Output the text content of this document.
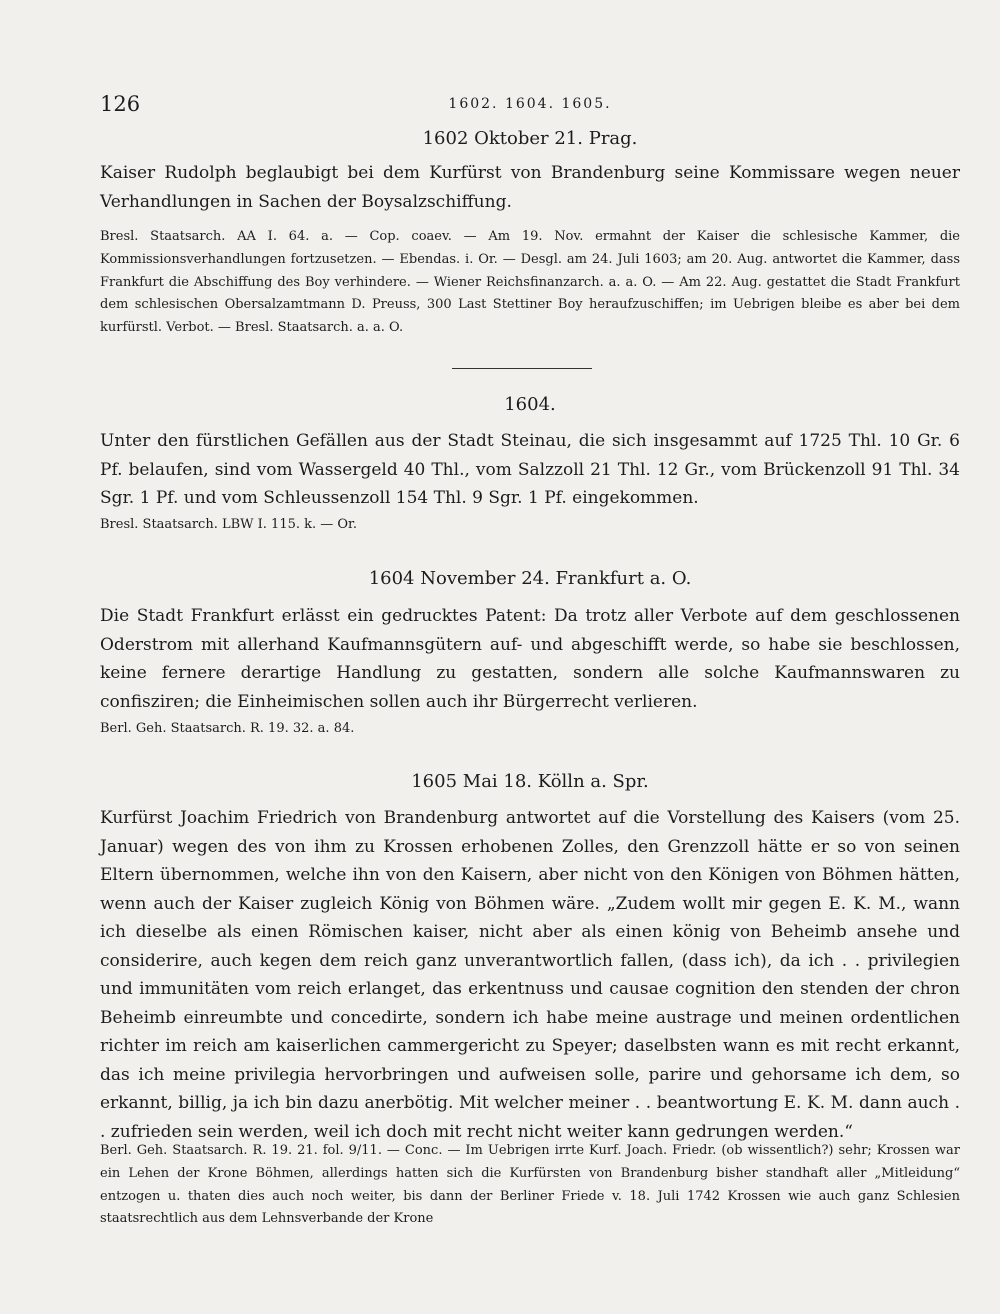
126	1602. 1604. 1605.
1602 Oktober 21. Prag.

Kaiser Rudolph beglaubigt bei dem Kurfürst von Brandenburg seine Kommissare wegen neuer Verhandlungen in Sachen der Boysalzschiffung.

Bresl. Staatsarch. AA I. 64. a. — Cop. coaev. — Am 19. Nov. ermahnt der Kaiser die schlesische Kammer, die Kommissionsverhandlungen fortzusetzen. — Ebendas. i. Or. — Desgl. am 24. Juli 1603; am 20. Aug. antwortet die Kammer, dass Frankfurt die Abschiffung des Boy verhindere. — Wiener Reichsfinanzarch. a. a. O. — Am 22. Aug. gestattet die Stadt Frankfurt dem schlesischen Obersalzamtmann D. Preuss, 300 Last Stettiner Boy heraufzuschiffen; im Uebrigen bleibe es aber bei dem kurfürstl. Verbot. — Bresl. Staatsarch. a. a. O.

1604.

Unter den fürstlichen Gefällen aus der Stadt Steinau, die sich insgesammt auf 1725 Thl. 10 Gr. 6 Pf. belaufen, sind vom Wassergeld 40 Thl., vom Salzzoll 21 Thl. 12 Gr., vom Brückenzoll 91 Thl. 34 Sgr. 1 Pf. und vom Schleussenzoll 154 Thl. 9 Sgr. 1 Pf. eingekommen.

Bresl. Staatsarch. LBW I. 115. k. — Or.

1604 November 24. Frankfurt a. O.

Die Stadt Frankfurt erlässt ein gedrucktes Patent: Da trotz aller Verbote auf dem geschlossenen Oderstrom mit allerhand Kaufmannsgütern auf- und abgeschifft werde, so habe sie beschlossen, keine fernere derartige Handlung zu gestatten, sondern alle solche Kaufmannswaren zu confisziren; die Einheimischen sollen auch ihr Bürgerrecht verlieren.

Berl. Geh. Staatsarch. R. 19. 32. a. 84.

1605 Mai 18. Kölln a. Spr.

Kurfürst Joachim Friedrich von Brandenburg antwortet auf die Vorstellung des Kaisers (vom 25. Januar) wegen des von ihm zu Krossen erhobenen Zolles, den Grenzzoll hätte er so von seinen Eltern übernommen, welche ihn von den Kaisern, aber nicht von den Königen von Böhmen hätten, wenn auch der Kaiser zugleich König von Böhmen wäre. „Zudem wollt mir gegen E. K. M., wann ich dieselbe als einen Römischen kaiser, nicht aber als einen könig von Beheimb ansehe und considerire, auch kegen dem reich ganz unverantwortlich fallen, (dass ich), da ich . . privilegien und immunitäten vom reich erlanget, das erkentnuss und causae cognition den stenden der chron Beheimb einreumbte und concedirte, sondern ich habe meine austrage und meinen ordentlichen richter im reich am kaiserlichen cammergericht zu Speyer; daselbsten wann es mit recht erkannt, das ich meine privilegia hervorbringen und aufweisen solle, parire und gehorsame ich dem, so erkannt, billig, ja ich bin dazu anerbötig. Mit welcher meiner . . beantwortung E. K. M. dann auch . . zufrieden sein werden, weil ich doch mit recht nicht weiter kann gedrungen werden.“

Berl. Geh. Staatsarch. R. 19. 21. fol. 9/11. — Conc. — Im Uebrigen irrte Kurf. Joach. Friedr. (ob wissentlich?) sehr; Krossen war ein Lehen der Krone Böhmen, allerdings hatten sich die Kurfürsten von Brandenburg bisher standhaft aller „Mitleidung“ entzogen u. thaten dies auch noch weiter, bis dann der Berliner Friede v. 18. Juli 1742 Krossen wie auch ganz Schlesien staatsrechtlich aus dem Lehnsverbande der Krone
